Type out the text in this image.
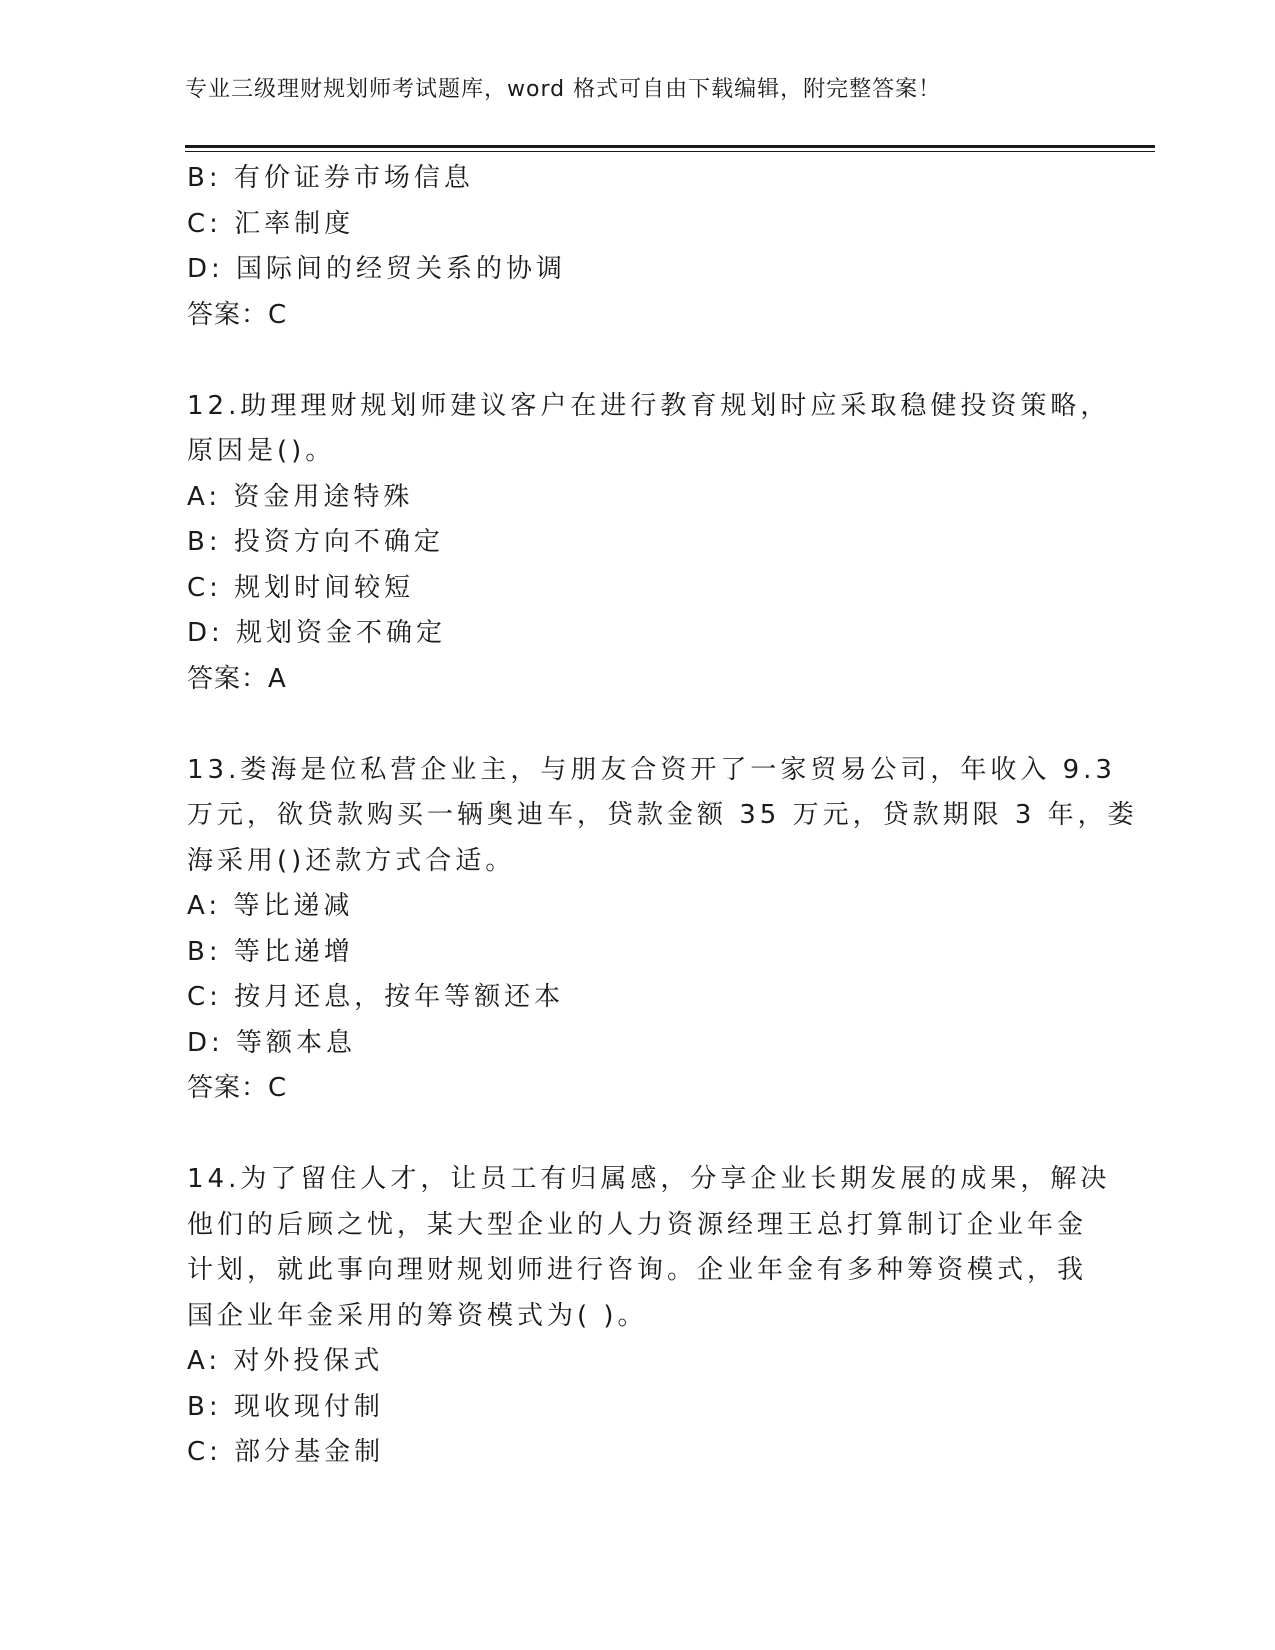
专业三级理财规划师考试题库，word 格式可自由下载编辑，附完整答案！
B: 有价证券市场信息
C: 汇率制度
D: 国际间的经贸关系的协调
答案：C
12.助理理财规划师建议客户在进行教育规划时应采取稳健投资策略，
原因是()。
A: 资金用途特殊
B: 投资方向不确定
C: 规划时间较短
D: 规划资金不确定
答案：A
13.娄海是位私营企业主，与朋友合资开了一家贸易公司，年收入 9.3
万元，欲贷款购买一辆奥迪车，贷款金额 35 万元，贷款期限 3 年，娄
海采用()还款方式合适。
A: 等比递减
B: 等比递增
C: 按月还息，按年等额还本
D: 等额本息
答案：C
14.为了留住人才，让员工有归属感，分享企业长期发展的成果，解决
他们的后顾之忧，某大型企业的人力资源经理王总打算制订企业年金
计划，就此事向理财规划师进行咨询。企业年金有多种筹资模式，我
国企业年金采用的筹资模式为( )。
A: 对外投保式
B: 现收现付制
C: 部分基金制
